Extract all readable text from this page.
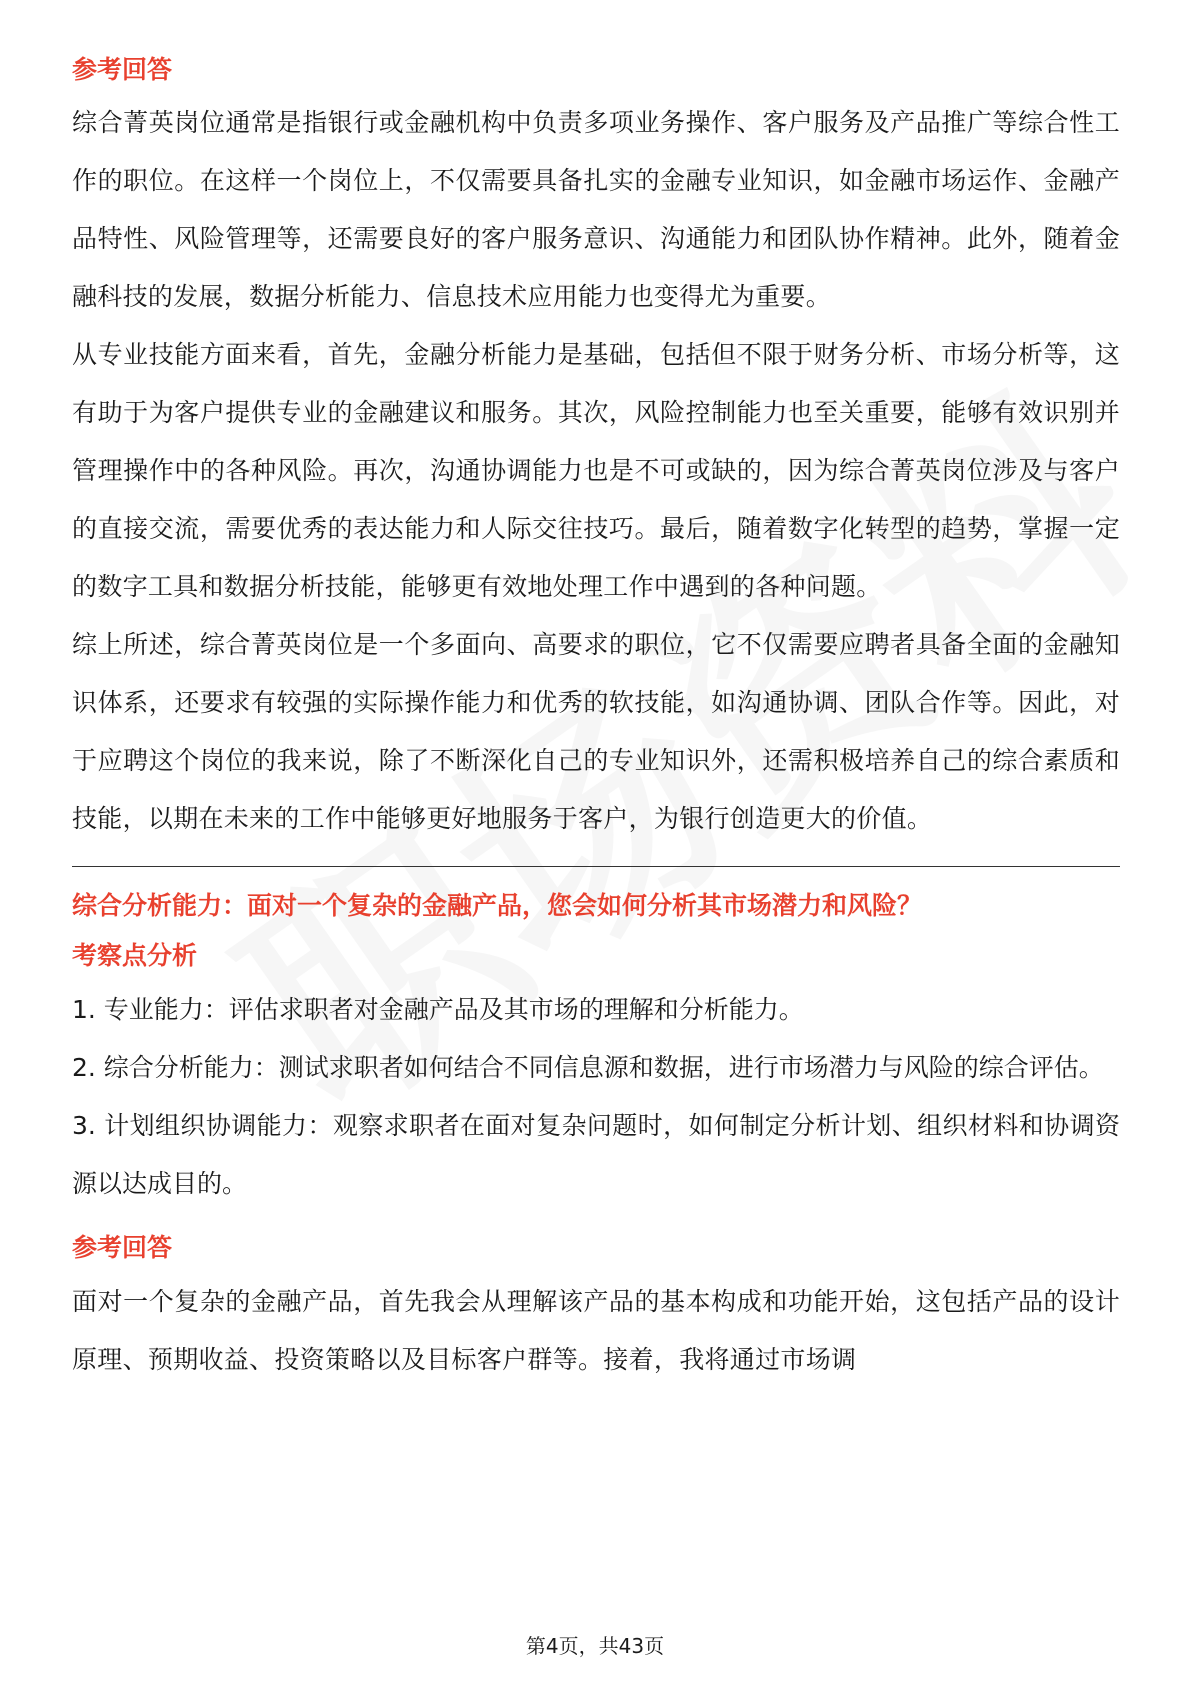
参考回答

综合菁英岗位通常是指银行或金融机构中负责多项业务操作、客户服务及产品推广等综合性工作的职位。在这样一个岗位上，不仅需要具备扎实的金融专业知识，如金融市场运作、金融产品特性、风险管理等，还需要良好的客户服务意识、沟通能力和团队协作精神。此外，随着金融科技的发展，数据分析能力、信息技术应用能力也变得尤为重要。

从专业技能方面来看，首先，金融分析能力是基础，包括但不限于财务分析、市场分析等，这有助于为客户提供专业的金融建议和服务。其次，风险控制能力也至关重要，能够有效识别并管理操作中的各种风险。再次，沟通协调能力也是不可或缺的，因为综合菁英岗位涉及与客户的直接交流，需要优秀的表达能力和人际交往技巧。最后，随着数字化转型的趋势，掌握一定的数字工具和数据分析技能，能够更有效地处理工作中遇到的各种问题。

综上所述，综合菁英岗位是一个多面向、高要求的职位，它不仅需要应聘者具备全面的金融知识体系，还要求有较强的实际操作能力和优秀的软技能，如沟通协调、团队合作等。因此，对于应聘这个岗位的我来说，除了不断深化自己的专业知识外，还需积极培养自己的综合素质和技能，以期在未来的工作中能够更好地服务于客户，为银行创造更大的价值。

综合分析能力：面对一个复杂的金融产品，您会如何分析其市场潜力和风险？
考察点分析

1. 专业能力：评估求职者对金融产品及其市场的理解和分析能力。

2. 综合分析能力：测试求职者如何结合不同信息源和数据，进行市场潜力与风险的综合评估。

3. 计划组织协调能力：观察求职者在面对复杂问题时，如何制定分析计划、组织材料和协调资源以达成目的。

参考回答

面对一个复杂的金融产品，首先我会从理解该产品的基本构成和功能开始，这包括产品的设计原理、预期收益、投资策略以及目标客户群等。接着，我将通过市场调

第4页，共43页
